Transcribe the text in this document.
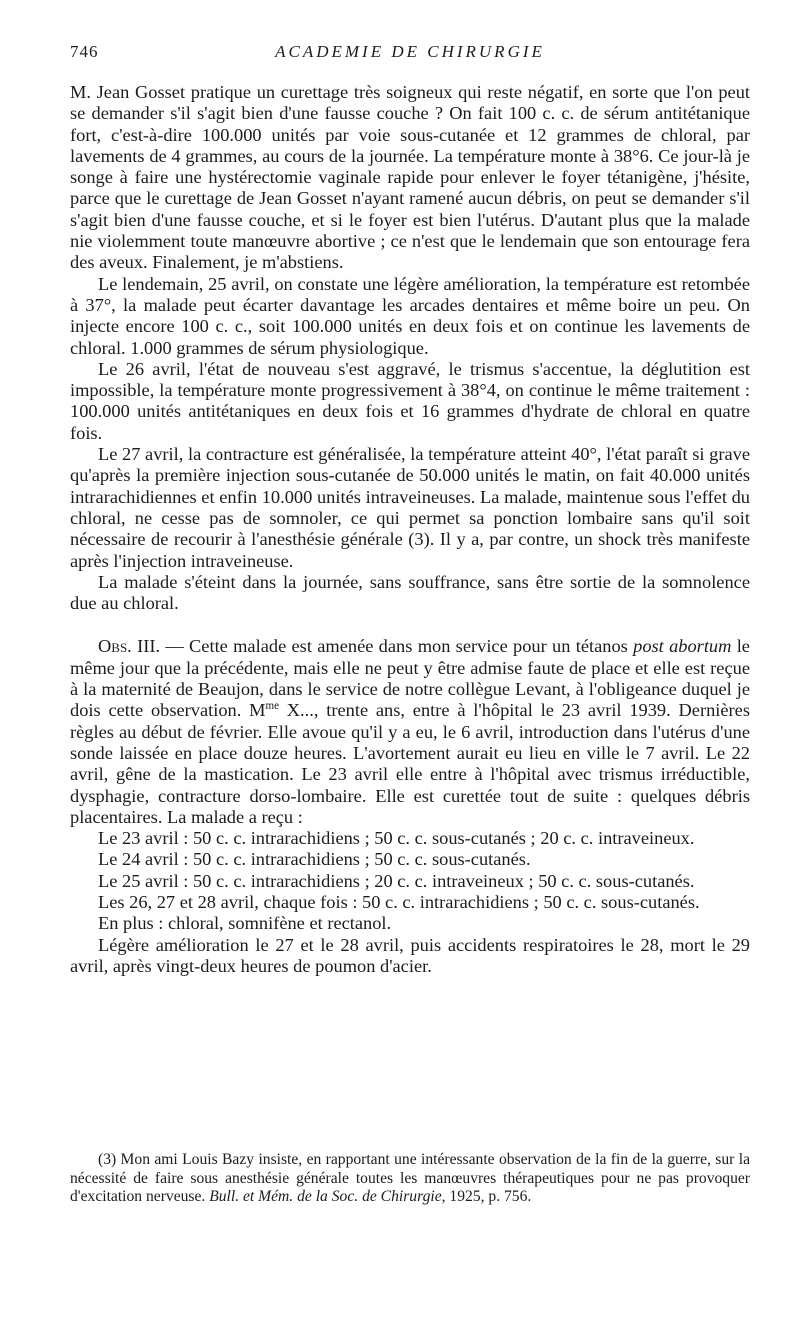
746	ACADEMIE DE CHIRURGIE

M. Jean Gosset pratique un curettage très soigneux qui reste négatif, en sorte que l'on peut se demander s'il s'agit bien d'une fausse couche ? On fait 100 c. c. de sérum antitétanique fort, c'est-à-dire 100.000 unités par voie sous-cutanée et 12 grammes de chloral, par lavements de 4 grammes, au cours de la journée. La température monte à 38°6. Ce jour-là je songe à faire une hystérectomie vaginale rapide pour enlever le foyer tétanigène, j'hésite, parce que le curettage de Jean Gosset n'ayant ramené aucun débris, on peut se demander s'il s'agit bien d'une fausse couche, et si le foyer est bien l'utérus. D'autant plus que la malade nie violemment toute manœuvre abortive ; ce n'est que le lendemain que son entourage fera des aveux. Finalement, je m'abstiens.

Le lendemain, 25 avril, on constate une légère amélioration, la température est retombée à 37°, la malade peut écarter davantage les arcades dentaires et même boire un peu. On injecte encore 100 c. c., soit 100.000 unités en deux fois et on continue les lavements de chloral. 1.000 grammes de sérum physiologique.

Le 26 avril, l'état de nouveau s'est aggravé, le trismus s'accentue, la déglutition est impossible, la température monte progressivement à 38°4, on continue le même traitement : 100.000 unités antitétaniques en deux fois et 16 grammes d'hydrate de chloral en quatre fois.

Le 27 avril, la contracture est généralisée, la température atteint 40°, l'état paraît si grave qu'après la première injection sous-cutanée de 50.000 unités le matin, on fait 40.000 unités intrarachidiennes et enfin 10.000 unités intraveineuses. La malade, maintenue sous l'effet du chloral, ne cesse pas de somnoler, ce qui permet sa ponction lombaire sans qu'il soit nécessaire de recourir à l'anesthésie générale (3). Il y a, par contre, un shock très manifeste après l'injection intraveineuse.

La malade s'éteint dans la journée, sans souffrance, sans être sortie de la somnolence due au chloral.

Obs. III. — Cette malade est amenée dans mon service pour un tétanos post abortum le même jour que la précédente, mais elle ne peut y être admise faute de place et elle est reçue à la maternité de Beaujon, dans le service de notre collègue Levant, à l'obligeance duquel je dois cette observation. $M^{me}$ X..., trente ans, entre à l'hôpital le 23 avril 1939. Dernières règles au début de février. Elle avoue qu'il y a eu, le 6 avril, introduction dans l'utérus d'une sonde laissée en place douze heures. L'avortement aurait eu lieu en ville le 7 avril. Le 22 avril, gêne de la mastication. Le 23 avril elle entre à l'hôpital avec trismus irréductible, dysphagie, contracture dorso-lombaire. Elle est curettée tout de suite : quelques débris placentaires. La malade a reçu :

Le 23 avril : 50 c. c. intrarachidiens ; 50 c. c. sous-cutanés ; 20 c. c. intraveineux.

Le 24 avril : 50 c. c. intrarachidiens ; 50 c. c. sous-cutanés.

Le 25 avril : 50 c. c. intrarachidiens ; 20 c. c. intraveineux ; 50 c. c. sous-cutanés.

Les 26, 27 et 28 avril, chaque fois : 50 c. c. intrarachidiens ; 50 c. c. sous-cutanés.

En plus : chloral, somnifène et rectanol.

Légère amélioration le 27 et le 28 avril, puis accidents respiratoires le 28, mort le 29 avril, après vingt-deux heures de poumon d'acier.

(3) Mon ami Louis Bazy insiste, en rapportant une intéressante observation de la fin de la guerre, sur la nécessité de faire sous anesthésie générale toutes les manœuvres thérapeutiques pour ne pas provoquer d'excitation nerveuse. Bull. et Mém. de la Soc. de Chirurgie, 1925, p. 756.
